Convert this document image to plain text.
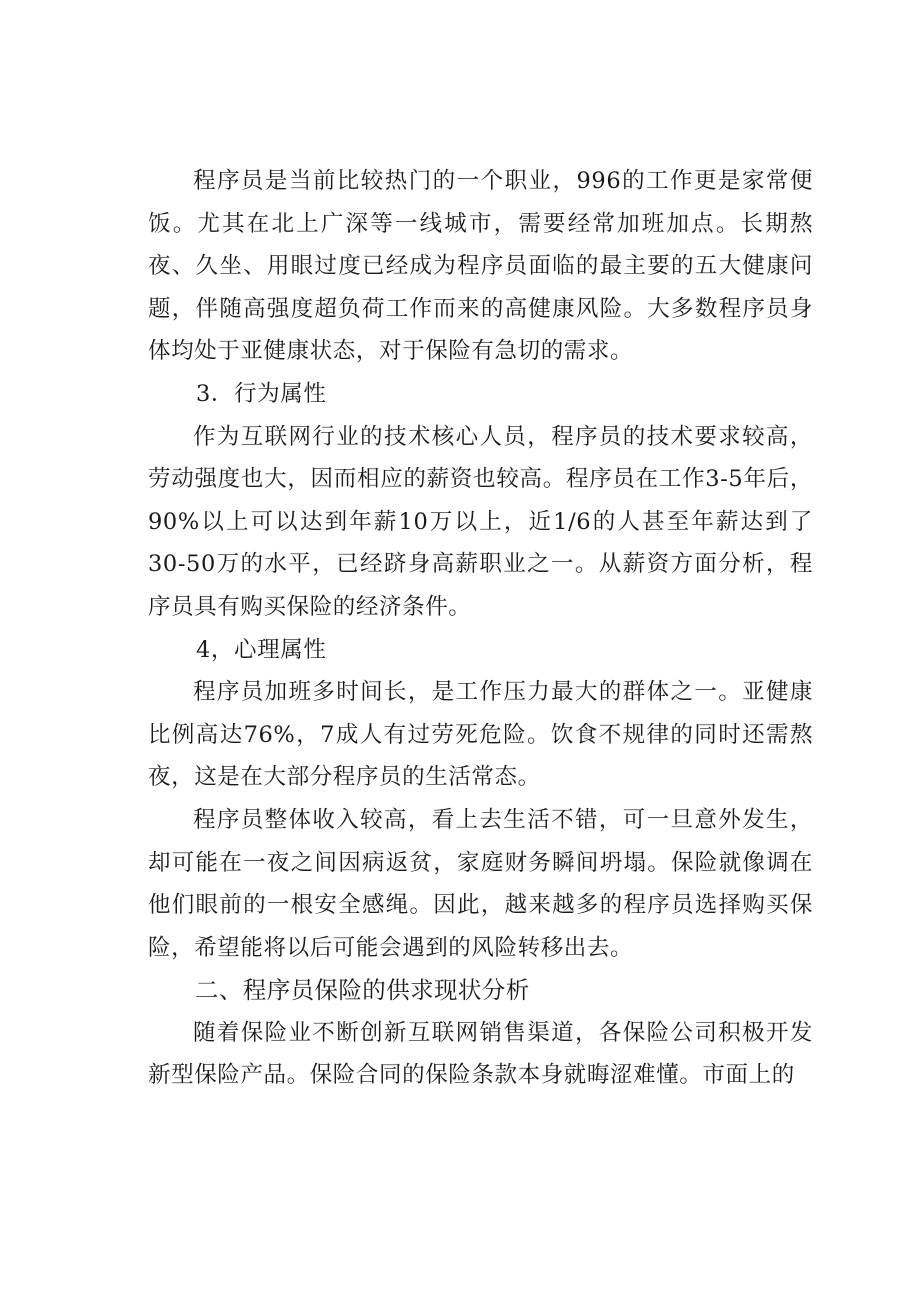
程序员是当前比较热门的一个职业，996的工作更是家常便饭。尤其在北上广深等一线城市，需要经常加班加点。长期熬夜、久坐、用眼过度已经成为程序员面临的最主要的五大健康问题，伴随高强度超负荷工作而来的高健康风险。大多数程序员身体均处于亚健康状态，对于保险有急切的需求。

3．行为属性

作为互联网行业的技术核心人员，程序员的技术要求较高，劳动强度也大，因而相应的薪资也较高。程序员在工作3-5年后，90%以上可以达到年薪10万以上，近1/6的人甚至年薪达到了30-50万的水平，已经跻身高薪职业之一。从薪资方面分析，程序员具有购买保险的经济条件。

4，心理属性

程序员加班多时间长，是工作压力最大的群体之一。亚健康比例高达76%，7成人有过劳死危险。饮食不规律的同时还需熬夜，这是在大部分程序员的生活常态。

程序员整体收入较高，看上去生活不错，可一旦意外发生，却可能在一夜之间因病返贫，家庭财务瞬间坍塌。保险就像调在他们眼前的一根安全感绳。因此，越来越多的程序员选择购买保险，希望能将以后可能会遇到的风险转移出去。

二、程序员保险的供求现状分析

随着保险业不断创新互联网销售渠道，各保险公司积极开发新型保险产品。保险合同的保险条款本身就晦涩难懂。市面上的
